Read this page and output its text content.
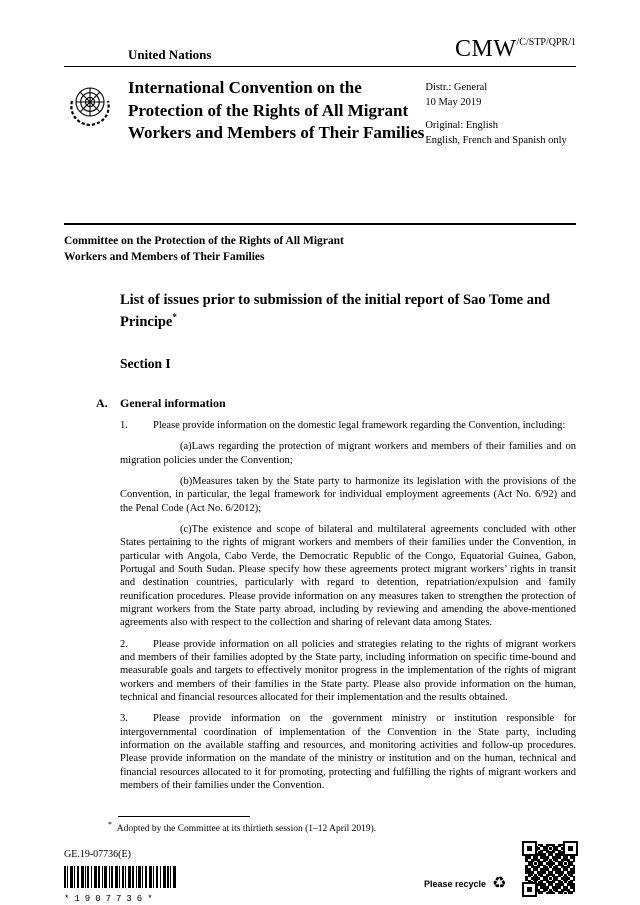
United Nations	$CMW^{/C/STP/QPR/1}$
International Convention on the Protection of the Rights of All Migrant Workers and Members of Their Families
Distr.: General
10 May 2019
Original: English
English, French and Spanish only
Committee on the Protection of the Rights of All Migrant Workers and Members of Their Families
List of issues prior to submission of the initial report of Sao Tome and Principe*
Section I
A.	General information
1. Please provide information on the domestic legal framework regarding the Convention, including:
(a)Laws regarding the protection of migrant workers and members of their families and on migration policies under the Convention;
(b)Measures taken by the State party to harmonize its legislation with the provisions of the Convention, in particular, the legal framework for individual employment agreements (Act No. 6/92) and the Penal Code (Act No. 6/2012);
(c)The existence and scope of bilateral and multilateral agreements concluded with other States pertaining to the rights of migrant workers and members of their families under the Convention, in particular with Angola, Cabo Verde, the Democratic Republic of the Congo, Equatorial Guinea, Gabon, Portugal and South Sudan. Please specify how these agreements protect migrant workers’ rights in transit and destination countries, particularly with regard to detention, repatriation/expulsion and family reunification procedures. Please provide information on any measures taken to strengthen the protection of migrant workers from the State party abroad, including by reviewing and amending the above-mentioned agreements also with respect to the collection and sharing of relevant data among States.
2. Please provide information on all policies and strategies relating to the rights of migrant workers and members of their families adopted by the State party, including information on specific time-bound and measurable goals and targets to effectively monitor progress in the implementation of the rights of migrant workers and members of their families in the State party. Please also provide information on the human, technical and financial resources allocated for their implementation and the results obtained.
3. Please provide information on the government ministry or institution responsible for intergovernmental coordination of implementation of the Convention in the State party, including information on the available staffing and resources, and monitoring activities and follow-up procedures. Please provide information on the mandate of the ministry or institution and on the human, technical and financial resources allocated to it for promoting, protecting and fulfilling the rights of migrant workers and members of their families under the Convention.
* Adopted by the Committee at its thirtieth session (1–12 April 2019).
GE.19-07736(E)
*1907736*
Please recycle ♻
